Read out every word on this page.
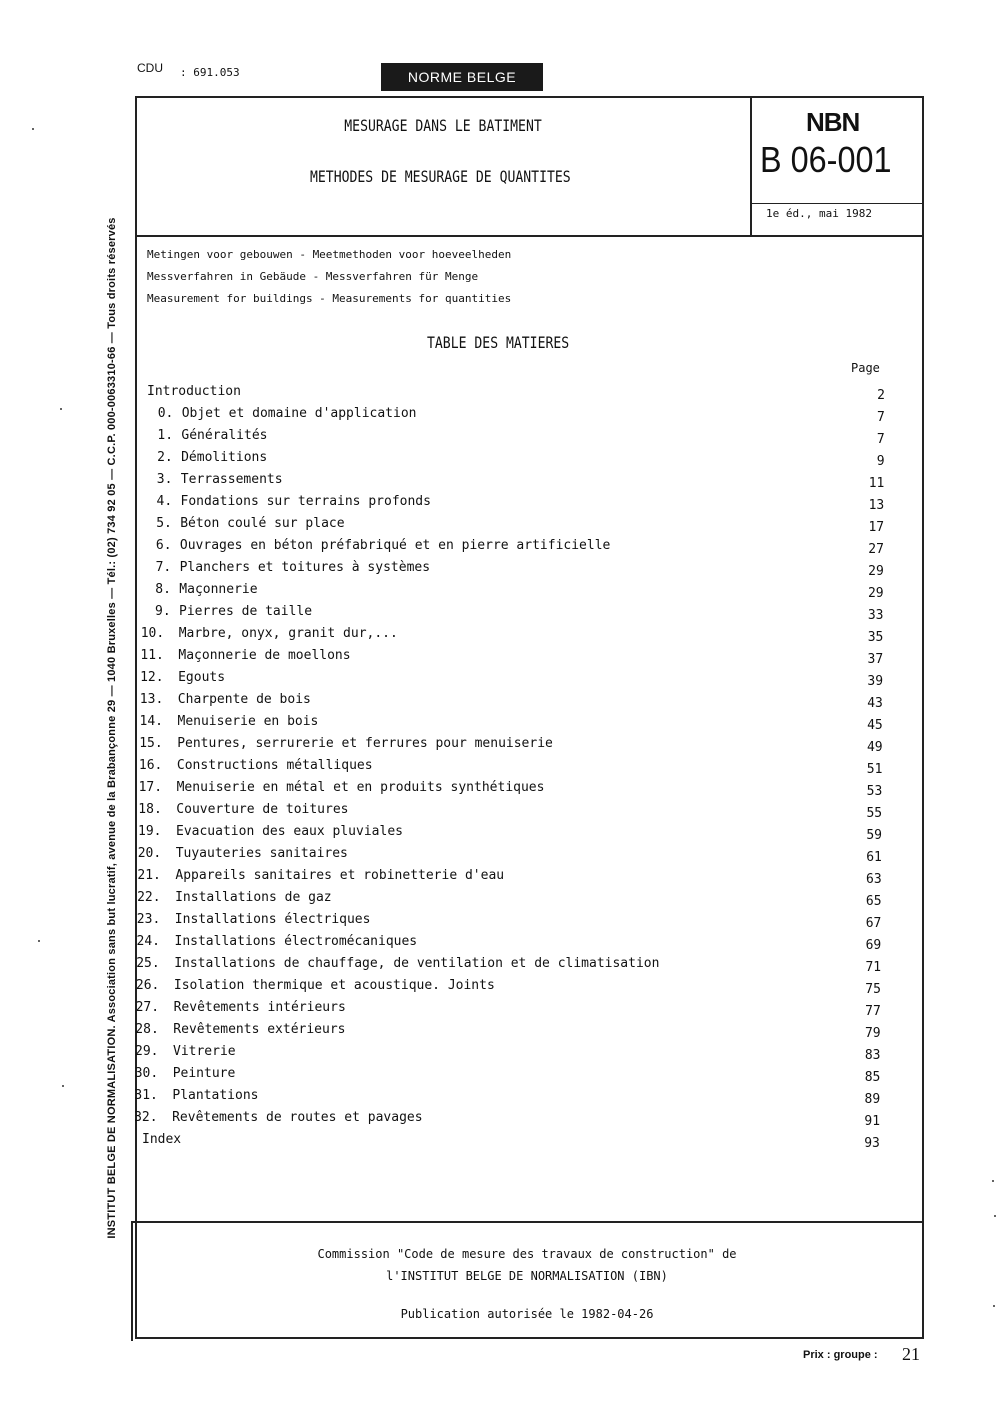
CDU : 691.053	NORME BELGE
INSTITUT BELGE DE NORMALISATION. Association sans but lucratif, avenue de la Brabançonne 29 — 1040 Bruxelles — Tél.: (02) 734 92 05 — C.C.P. 000-0063310-66 — Tous droits réservés
MESURAGE DANS LE BATIMENT
METHODES DE MESURAGE DE QUANTITES
NBN
B 06-001
1e éd., mai 1982
Metingen voor gebouwen - Meetmethoden voor hoeveelheden
Messverfahren in Gebäude - Messverfahren für Menge
Measurement for buildings - Measurements for quantities
TABLE DES MATIERES
Page
Introduction	2
0. Objet et domaine d'application	7
1. Généralités	7
2. Démolitions	9
3. Terrassements	11
4. Fondations sur terrains profonds	13
5. Béton coulé sur place	17
6. Ouvrages en béton préfabriqué et en pierre artificielle	27
7. Planchers et toitures à systèmes	29
8. Maçonnerie	29
9. Pierres de taille	33
10. Marbre, onyx, granit dur,...	35
11. Maçonnerie de moellons	37
12. Egouts	39
13. Charpente de bois	43
14. Menuiserie en bois	45
15. Pentures, serrurerie et ferrures pour menuiserie	49
16. Constructions métalliques	51
17. Menuiserie en métal et en produits synthétiques	53
18. Couverture de toitures	55
19. Evacuation des eaux pluviales	59
20. Tuyauteries sanitaires	61
21. Appareils sanitaires et robinetterie d'eau	63
22. Installations de gaz	65
23. Installations électriques	67
24. Installations électromécaniques	69
25. Installations de chauffage, de ventilation et de climatisation	71
26. Isolation thermique et acoustique. Joints	75
27. Revêtements intérieurs	77
28. Revêtements extérieurs	79
29. Vitrerie	83
30. Peinture	85
31. Plantations	89
32. Revêtements de routes et pavages	91
Index	93
Commission "Code de mesure des travaux de construction" de
l'INSTITUT BELGE DE NORMALISATION (IBN)
Publication autorisée le 1982-04-26
Prix : groupe : 21
